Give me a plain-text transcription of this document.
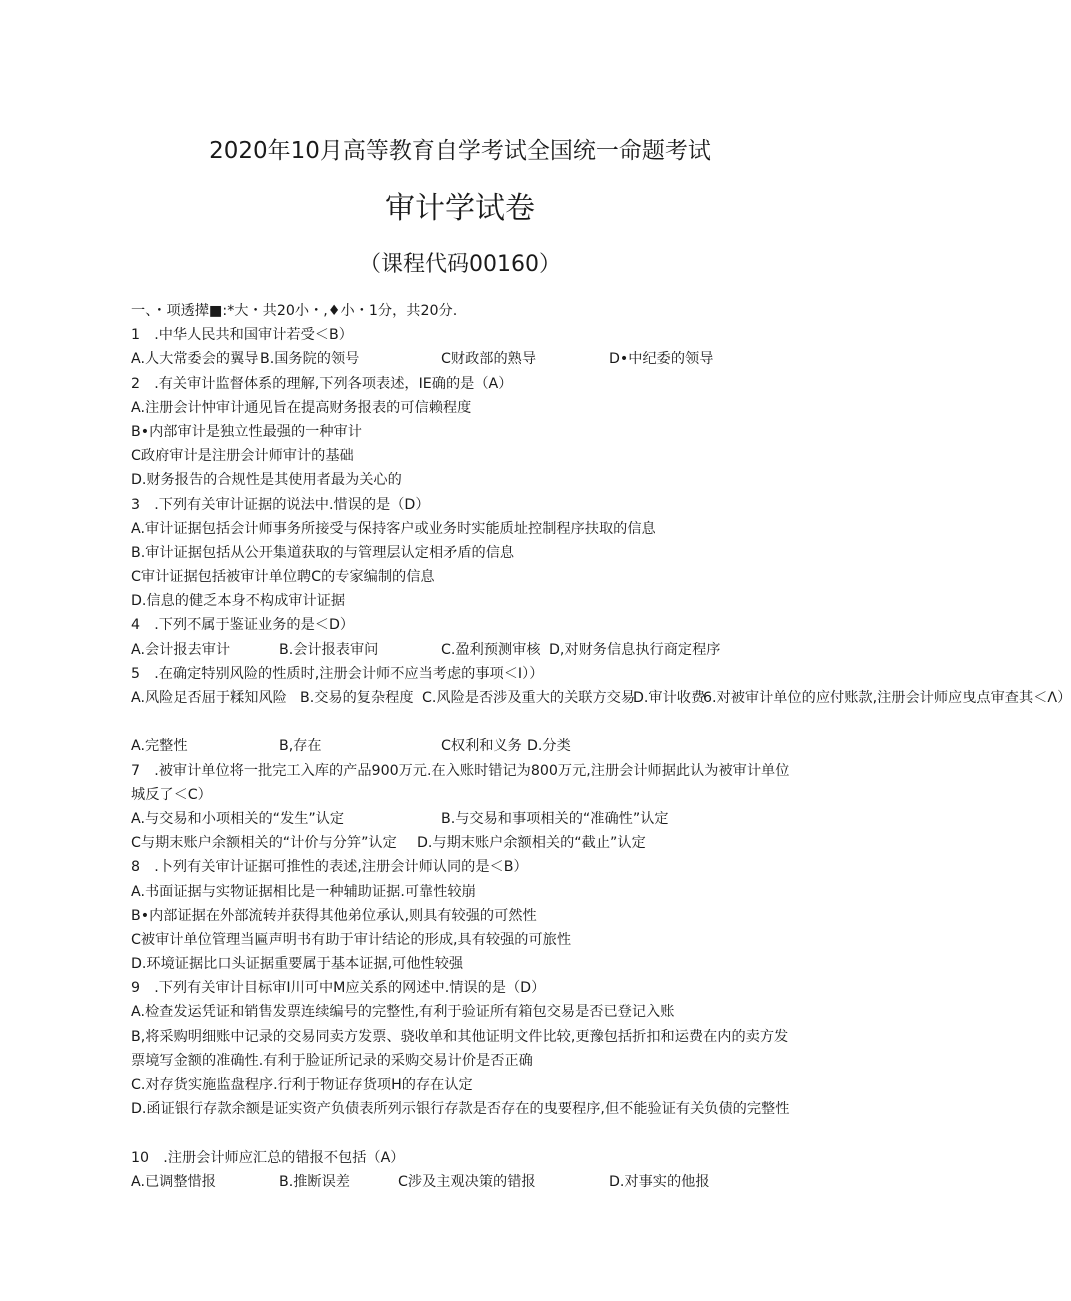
2020年10月高等教育自学考试全国统一命题考试
审计学试卷
（课程代码00160）
一、・项透撵■:*大・共20小・,♦小・1分，共20分.
1　.中华人民共和国审计若受＜B）
A.人大常委会的翼导 B.国务院的领号	C财政部的熟导	D•中纪委的领导
2　.有关审计监督体系的理解,下列各项表述，IE确的是（A）
A.注册会计忡审计通见旨在提高财务报表的可信赖程度
B•内部审计是独立性最强的一种审计
C政府审计是注册会计师审计的基础
D.财务报告的合规性是其使用者最为关心的
3　.下列有关审计证据的说法中.惜误的是（D）
A.审计证据包括会计师事务所接受与保持客户或业务时实能质址控制程序扶取的信息
B.审计证据包括从公开集道获取的与管理层认定相矛盾的信息
C审计证据包括被审计单位聘C的专家编制的信息
D.信息的健乏本身不构成审计证据
4　.下列不属于鉴证业务的是＜D）
A.会计报去审计	B.会计报表审问	C.盈利预测审核 D,对财务信息执行商定程序
5　.在确定特别风险的性质时,注册会计师不应当考虑的事项＜I））
A.风险足否屈于糅知风险 B.交易的复杂程度 C.风险是否涉及重大的关联方交易
D.审计收费
6.对被审计单位的应付账款,注册会计师应曳点审查其＜Λ）
A.完整性	B,存在	C权利和义务 D.分类
7　.被审计单位将一批完工入库的产品900万元.在入账时错记为800万元,注册会计师据此认为被审计单位城反了＜C）
A.与交易和小项相关的“发生”认定	B.与交易和事项相关的“准确性”认定
C与期末账户余额相关的“计价与分笄”认定 D.与期末账户余额相关的“截止”认定
8　.卜列有关审计证据可推性的表述,注册会计师认同的是＜B）
A.书面证据与实物证据相比是一种辅助证据.可靠性较崩
B•内部证据在外部流转并获得其他弟位承认,则具有较强的可然性
C被审计单位管理当匾声明书有助于审计结论的形成,具有较强的可旅性
D.环境证据比口头证据重要属于基本证据,可他性较强
9　.下列有关审计目标审I川可中M应关系的网述中.情误的是（D）
A.检查发运凭证和销售发票连续编号的完整性,有利于验证所有箱包交易是否已登记入账
B,将采购明细账中记录的交易同卖方发票、骁收单和其他证明文件比较,更豫包括折扣和运费在内的卖方发票境写金额的准确性.有利于脸证所记录的采购交易计价是否正确
C.对存货实施监盘程序.行利于物证存货项H的存在认定
D.函证银行存款余额是证实资产负债表所列示银行存款是否存在的曳要程序,但不能验证有关负债的完整性
10　.注册会计师应汇总的错报不包括（A）
A.已调整惜报	B.推断误差	C涉及主观决策的错报	D.对事实的他报
